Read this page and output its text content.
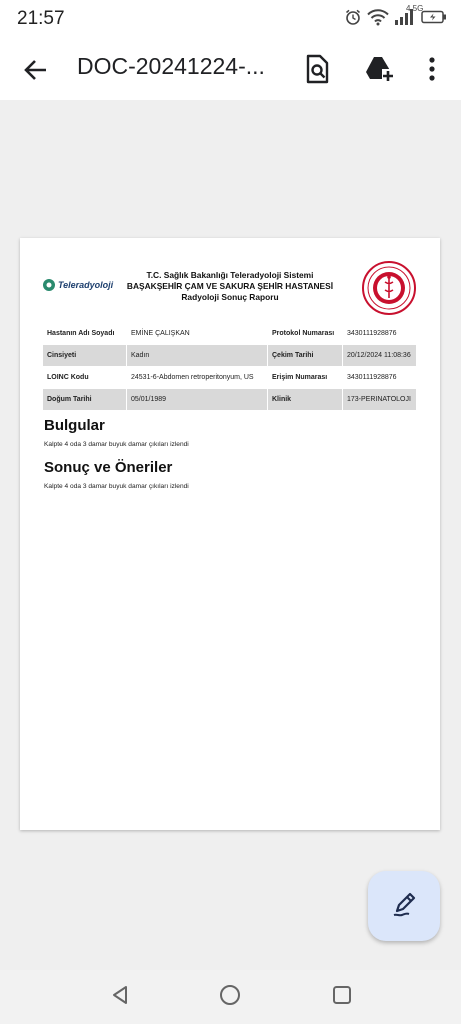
21:57	4.5G
DOC-20241224-...
Teleradyoloji
T.C. Sağlık Bakanlığı Teleradyoloji Sistemi
BAŞAKŞEHİR ÇAM VE SAKURA ŞEHİR HASTANESİ
Radyoloji Sonuç Raporu
Hastanın Adı Soyadı	EMİNE ÇALIŞKAN	Protokol Numarası	3430111928876
Cinsiyeti	Kadın	Çekim Tarihi	20/12/2024 11:08:36
LOINC Kodu	24531-6-Abdomen retroperitonyum, US	Erişim Numarası	3430111928876
Doğum Tarihi	05/01/1989	Klinik	173-PERINATOLOJI
Bulgular
Kalpte 4 oda 3 damar buyuk damar çıkıları izlendi
Sonuç ve Öneriler
Kalpte 4 oda 3 damar buyuk damar çıkıları izlendi
